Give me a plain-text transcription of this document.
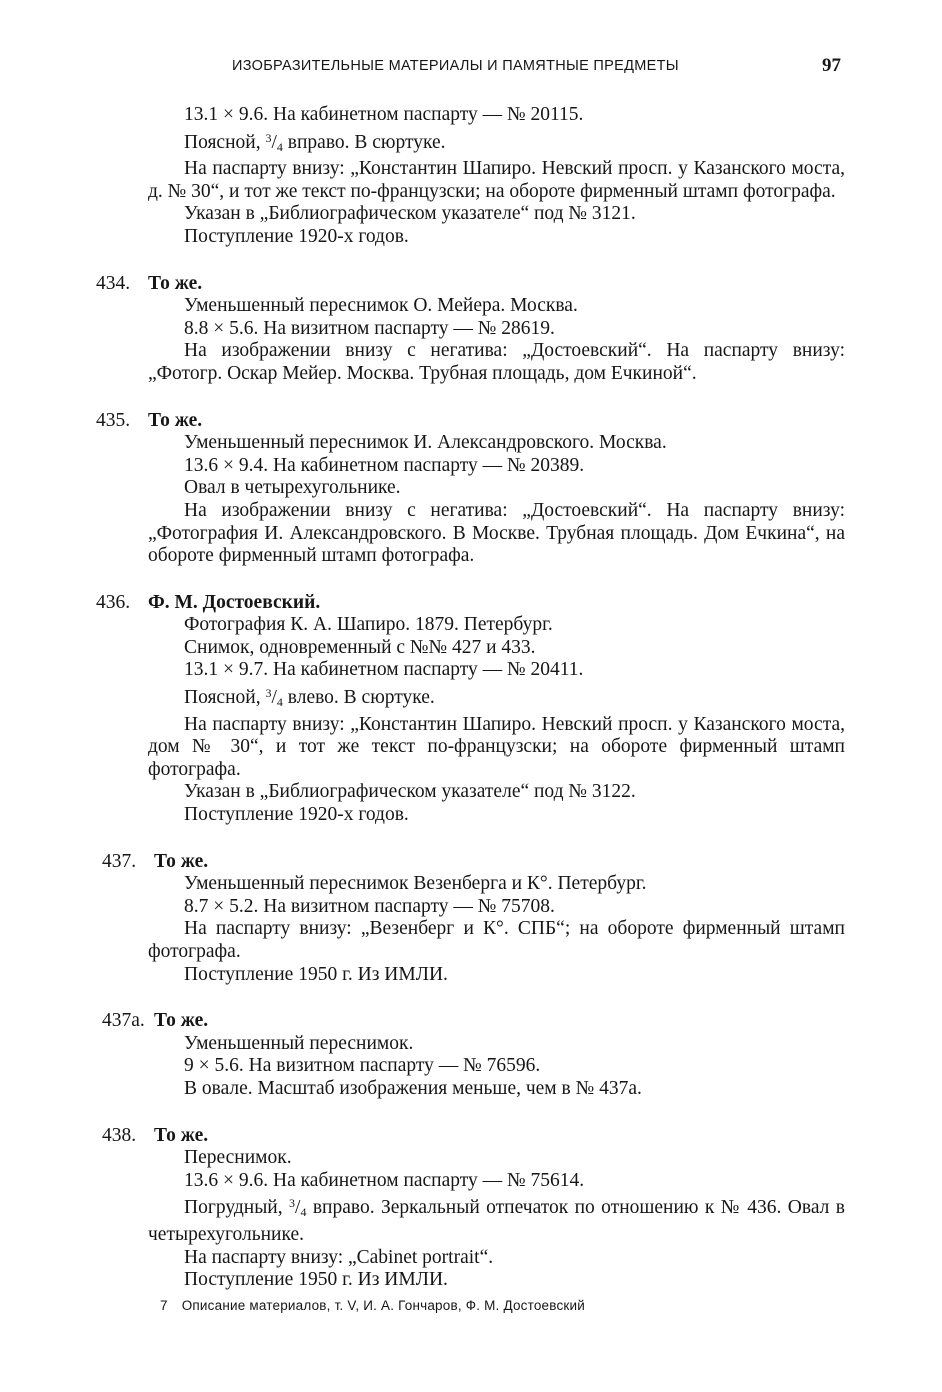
ИЗОБРАЗИТЕЛЬНЫЕ МАТЕРИАЛЫ И ПАМЯТНЫЕ ПРЕДМЕТЫ	97
13.1 × 9.6. На кабинетном паспарту — № 20115.
Поясной, $^3$/4 вправо. В сюртуке.
На паспарту внизу: „Константин Шапиро. Невский просп. у Казанского моста, д. № 30“, и тот же текст по-французски; на обороте фирменный штамп фотографа.
Указан в „Библиографическом указателе“ под № 3121.
Поступление 1920-х годов.
434. То же.
Уменьшенный переснимок О. Мейера. Москва.
8.8 × 5.6. На визитном паспарту — № 28619.
На изображении внизу с негатива: „Достоевский“. На паспарту внизу: „Фотогр. Оскар Мейер. Москва. Трубная площадь, дом Ечкиной“.
435. То же.
Уменьшенный переснимок И. Александровского. Москва.
13.6 × 9.4. На кабинетном паспарту — № 20389.
Овал в четырехугольнике.
На изображении внизу с негатива: „Достоевский“. На паспарту внизу: „Фотография И. Александровского. В Москве. Трубная площадь. Дом Ечкина“, на обороте фирменный штамп фотографа.
436. Ф. М. Достоевский.
Фотография К. А. Шапиро. 1879. Петербург.
Снимок, одновременный с №№ 427 и 433.
13.1 × 9.7. На кабинетном паспарту — № 20411.
Поясной, $^3$/4 влево. В сюртуке.
На паспарту внизу: „Константин Шапиро. Невский просп. у Казанского моста, дом № 30“, и тот же текст по-французски; на обороте фирменный штамп фотографа.
Указан в „Библиографическом указателе“ под № 3122.
Поступление 1920-х годов.
437. То же.
Уменьшенный переснимок Везенберга и К°. Петербург.
8.7 × 5.2. На визитном паспарту — № 75708.
На паспарту внизу: „Везенберг и К°. СПБ“; на обороте фирменный штамп фотографа.
Поступление 1950 г. Из ИМЛИ.
437а. То же.
Уменьшенный переснимок.
9 × 5.6. На визитном паспарту — № 76596.
В овале. Масштаб изображения меньше, чем в № 437а.
438. То же.
Переснимок.
13.6 × 9.6. На кабинетном паспарту — № 75614.
Погрудный, $^3$/4 вправо. Зеркальный отпечаток по отношению к № 436. Овал в четырехугольнике.
На паспарту внизу: „Cabinet portrait“.
Поступление 1950 г. Из ИМЛИ.
7 Описание материалов, т. V, И. А. Гончаров, Ф. М. Достоевский
